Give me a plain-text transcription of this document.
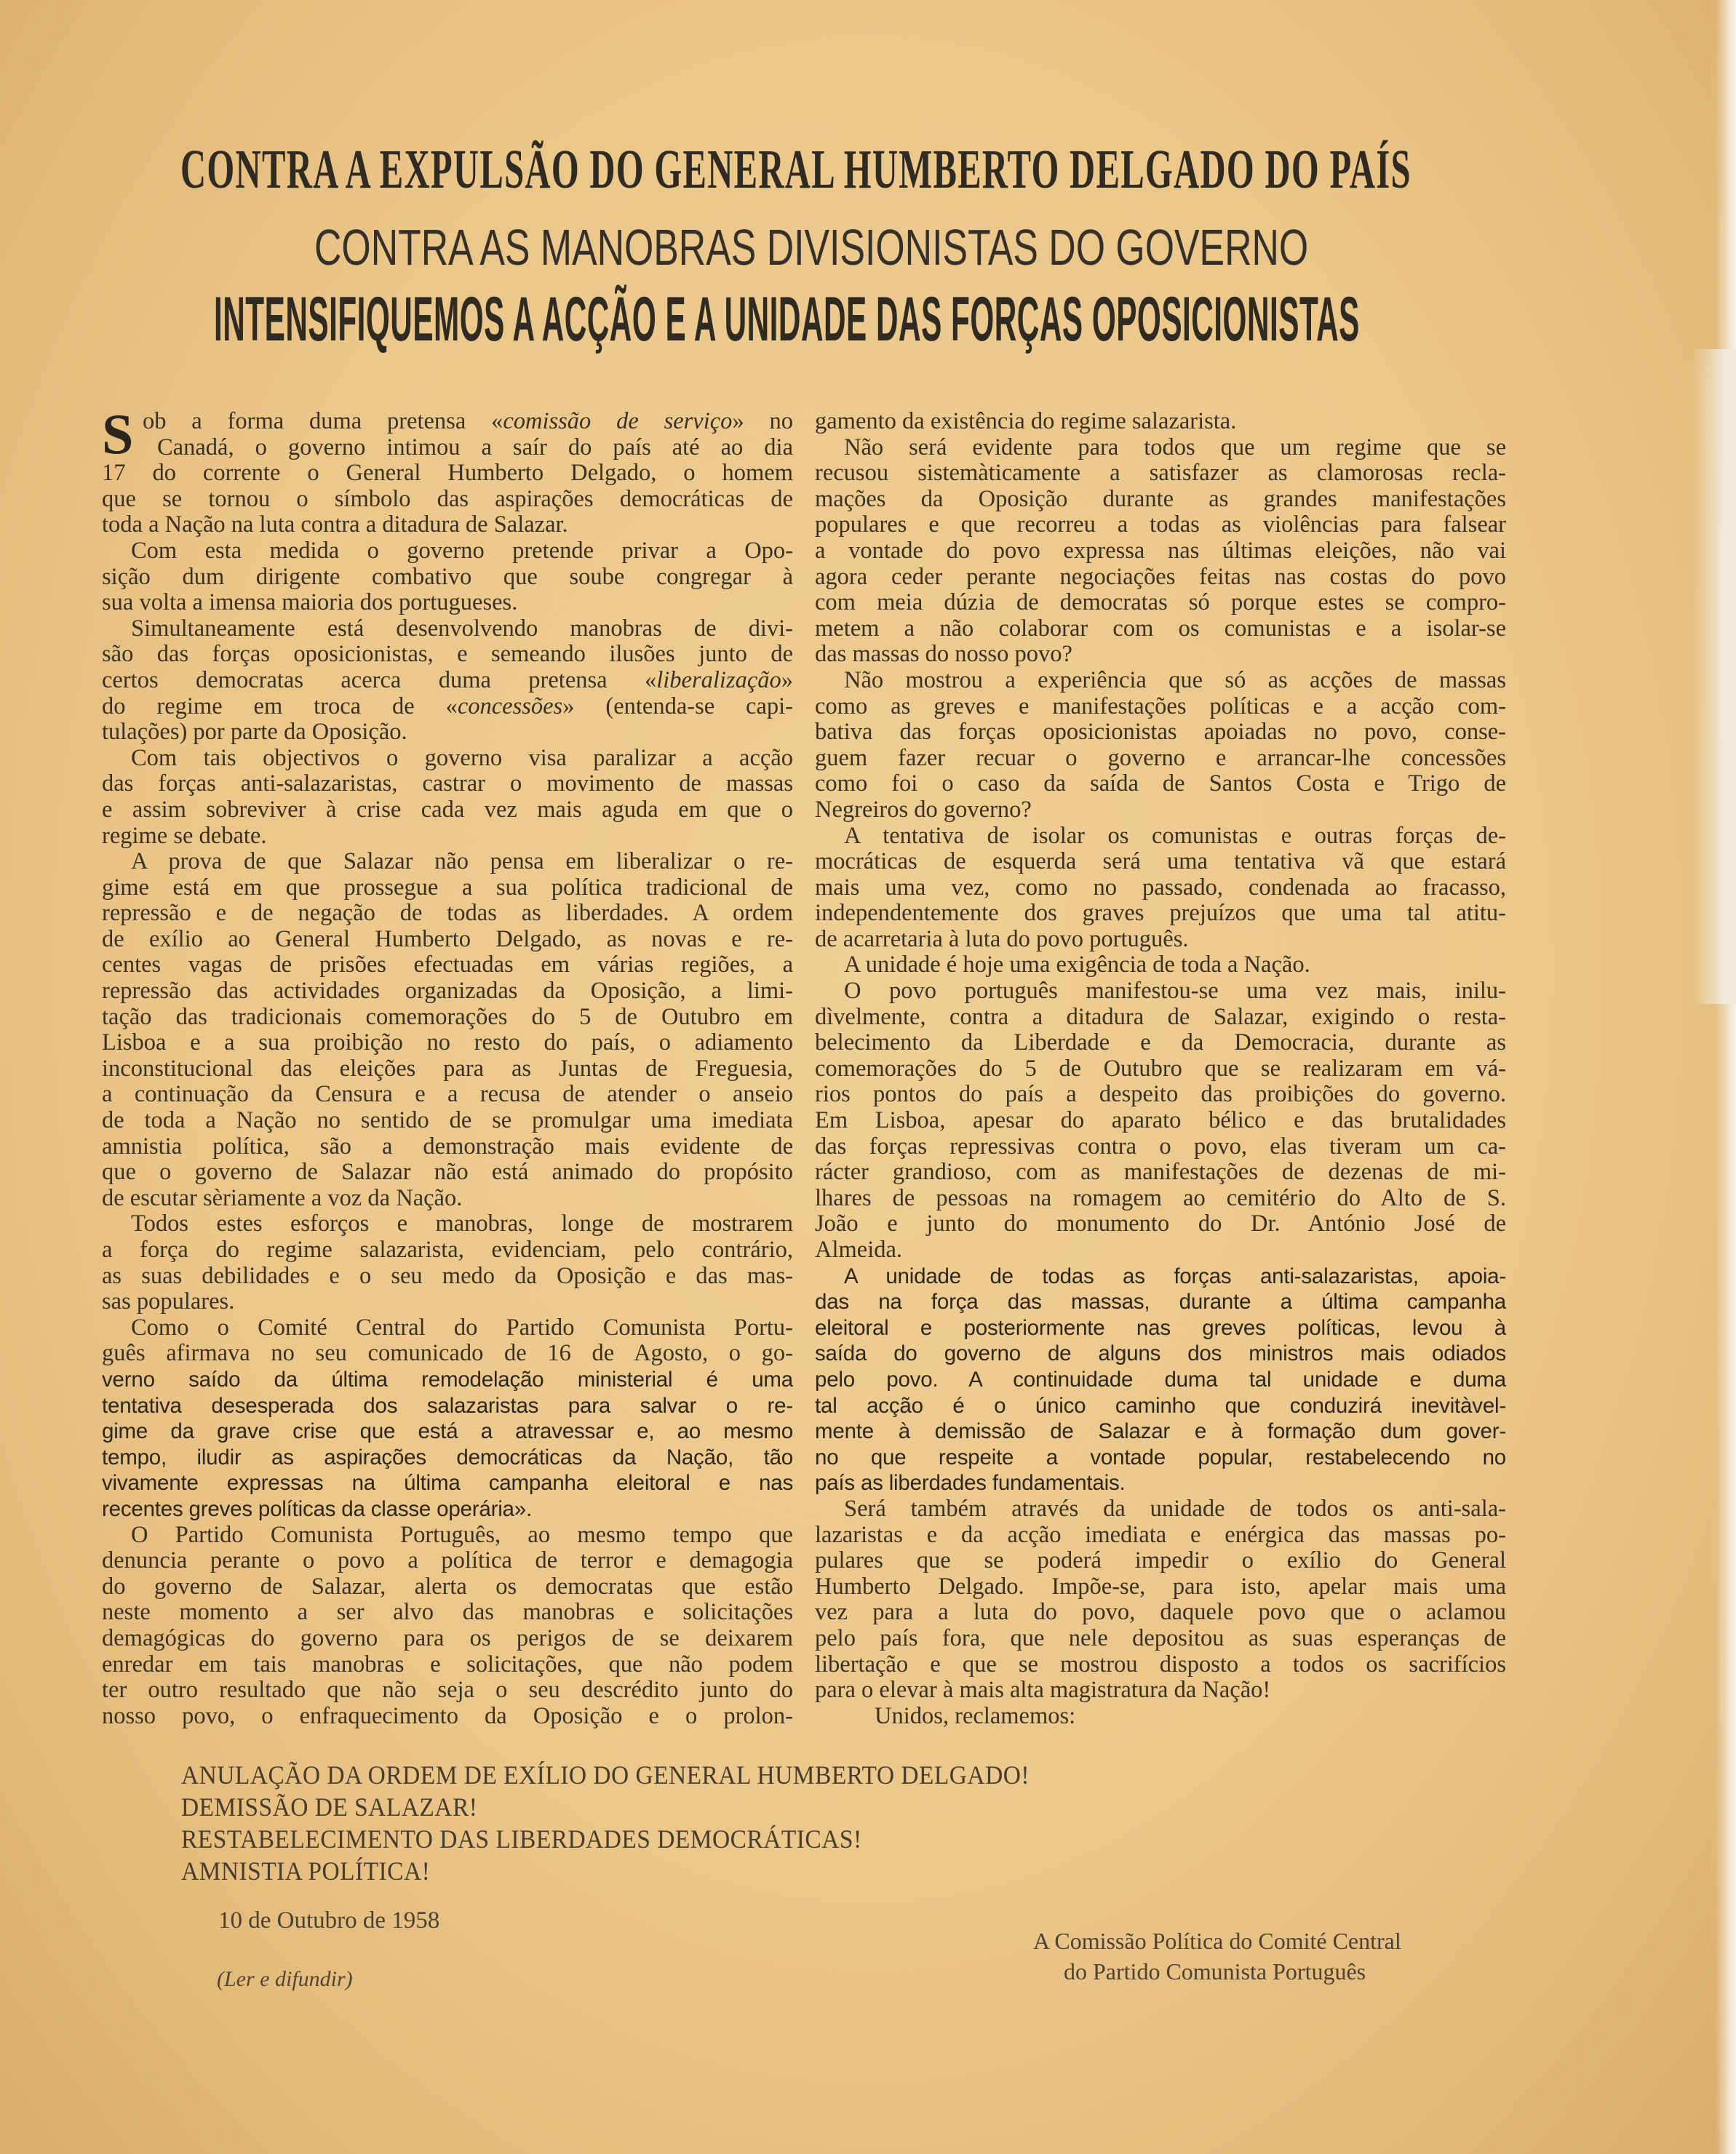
CONTRA A EXPULSÃO DO GENERAL HUMBERTO DELGADO DO PAÍS
CONTRA AS MANOBRAS DIVISIONISTAS DO GOVERNO
INTENSIFIQUEMOS A ACÇÃO E A UNIDADE DAS FORÇAS OPOSICIONISTAS
S ob a forma duma pretensa «comissão de serviço» no
Canadá, o governo intimou a saír do país até ao dia
17 do corrente o General Humberto Delgado, o homem
que se tornou o símbolo das aspirações democráticas de
toda a Nação na luta contra a ditadura de Salazar.
Com esta medida o governo pretende privar a Opo-
sição dum dirigente combativo que soube congregar à
sua volta a imensa maioria dos portugueses.
Simultaneamente está desenvolvendo manobras de divi-
são das forças oposicionistas, e semeando ilusões junto de
certos democratas acerca duma pretensa «liberalização»
do regime em troca de «concessões» (entenda-se capi-
tulações) por parte da Oposição.
Com tais objectivos o governo visa paralizar a acção
das forças anti-salazaristas, castrar o movimento de massas
e assim sobreviver à crise cada vez mais aguda em que o
regime se debate.
A prova de que Salazar não pensa em liberalizar o re-
gime está em que prossegue a sua política tradicional de
repressão e de negação de todas as liberdades. A ordem
de exílio ao General Humberto Delgado, as novas e re-
centes vagas de prisões efectuadas em várias regiões, a
repressão das actividades organizadas da Oposição, a limi-
tação das tradicionais comemorações do 5 de Outubro em
Lisboa e a sua proibição no resto do país, o adiamento
inconstitucional das eleições para as Juntas de Freguesia,
a continuação da Censura e a recusa de atender o anseio
de toda a Nação no sentido de se promulgar uma imediata
amnistia política, são a demonstração mais evidente de
que o governo de Salazar não está animado do propósito
de escutar sèriamente a voz da Nação.
Todos estes esforços e manobras, longe de mostrarem
a força do regime salazarista, evidenciam, pelo contrário,
as suas debilidades e o seu medo da Oposição e das mas-
sas populares.
Como o Comité Central do Partido Comunista Portu-
guês afirmava no seu comunicado de 16 de Agosto, o go-
verno saído da última remodelação ministerial é uma
tentativa desesperada dos salazaristas para salvar o re-
gime da grave crise que está a atravessar e, ao mesmo
tempo, iludir as aspirações democráticas da Nação, tão
vivamente expressas na última campanha eleitoral e nas
recentes greves políticas da classe operária».
O Partido Comunista Português, ao mesmo tempo que
denuncia perante o povo a política de terror e demagogia
do governo de Salazar, alerta os democratas que estão
neste momento a ser alvo das manobras e solicitações
demagógicas do governo para os perigos de se deixarem
enredar em tais manobras e solicitações, que não podem
ter outro resultado que não seja o seu descrédito junto do
nosso povo, o enfraquecimento da Oposição e o prolon-
gamento da existência do regime salazarista.
Não será evidente para todos que um regime que se
recusou sistemàticamente a satisfazer as clamorosas recla-
mações da Oposição durante as grandes manifestações
populares e que recorreu a todas as violências para falsear
a vontade do povo expressa nas últimas eleições, não vai
agora ceder perante negociações feitas nas costas do povo
com meia dúzia de democratas só porque estes se compro-
metem a não colaborar com os comunistas e a isolar-se
das massas do nosso povo?
Não mostrou a experiência que só as acções de massas
como as greves e manifestações políticas e a acção com-
bativa das forças oposicionistas apoiadas no povo, conse-
guem fazer recuar o governo e arrancar-lhe concessões
como foi o caso da saída de Santos Costa e Trigo de
Negreiros do governo?
A tentativa de isolar os comunistas e outras forças de-
mocráticas de esquerda será uma tentativa vã que estará
mais uma vez, como no passado, condenada ao fracasso,
independentemente dos graves prejuízos que uma tal atitu-
de acarretaria à luta do povo português.
A unidade é hoje uma exigência de toda a Nação.
O povo português manifestou-se uma vez mais, inilu-
dìvelmente, contra a ditadura de Salazar, exigindo o resta-
belecimento da Liberdade e da Democracia, durante as
comemorações do 5 de Outubro que se realizaram em vá-
rios pontos do país a despeito das proibições do governo.
Em Lisboa, apesar do aparato bélico e das brutalidades
das forças repressivas contra o povo, elas tiveram um ca-
rácter grandioso, com as manifestações de dezenas de mi-
lhares de pessoas na romagem ao cemitério do Alto de S.
João e junto do monumento do Dr. António José de
Almeida.
A unidade de todas as forças anti-salazaristas, apoia-
das na força das massas, durante a última campanha
eleitoral e posteriormente nas greves políticas, levou à
saída do governo de alguns dos ministros mais odiados
pelo povo. A continuidade duma tal unidade e duma
tal acção é o único caminho que conduzirá inevitàvel-
mente à demissão de Salazar e à formação dum gover-
no que respeite a vontade popular, restabelecendo no
país as liberdades fundamentais.
Será também através da unidade de todos os anti-sala-
lazaristas e da acção imediata e enérgica das massas po-
pulares que se poderá impedir o exílio do General
Humberto Delgado. Impõe-se, para isto, apelar mais uma
vez para a luta do povo, daquele povo que o aclamou
pelo país fora, que nele depositou as suas esperanças de
libertação e que se mostrou disposto a todos os sacrifícios
para o elevar à mais alta magistratura da Nação!
Unidos, reclamemos:
ANULAÇÃO DA ORDEM DE EXÍLIO DO GENERAL HUMBERTO DELGADO!
DEMISSÃO DE SALAZAR!
RESTABELECIMENTO DAS LIBERDADES DEMOCRÁTICAS!
AMNISTIA POLÍTICA!
10 de Outubro de 1958
(Ler e difundir)
A Comissão Política do Comité Central
do Partido Comunista Português
